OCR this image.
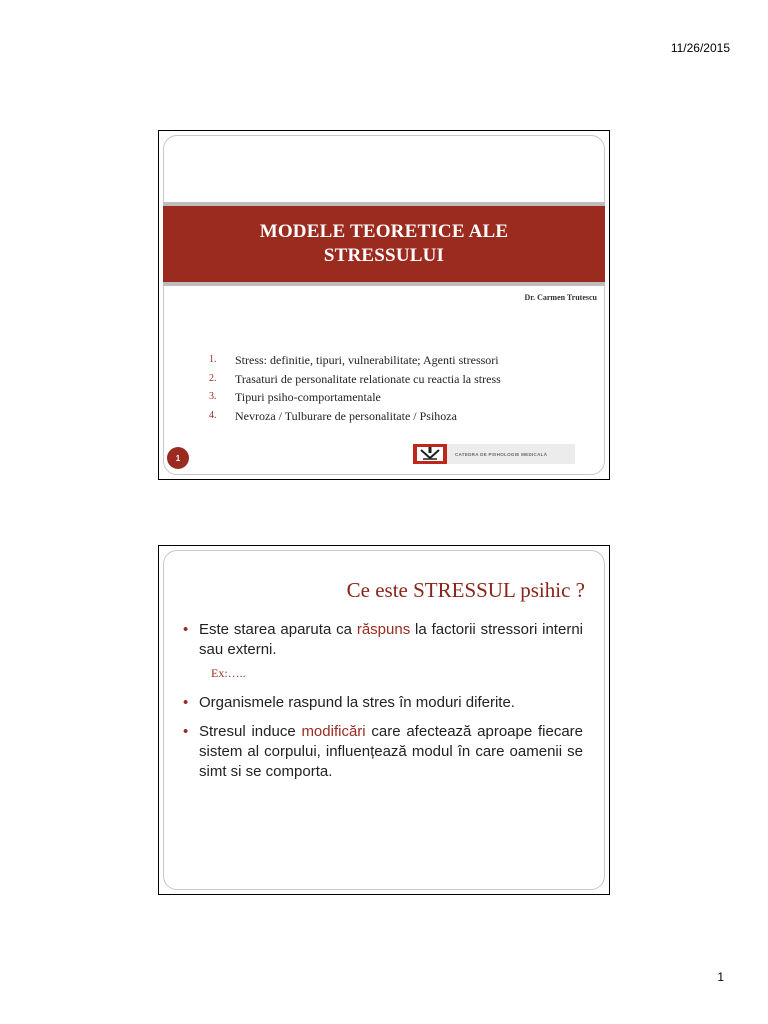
11/26/2015
MODELE TEORETICE ALE
STRESSULUI
Dr. Carmen Trutescu
1.	Stress: definitie, tipuri, vulnerabilitate; Agenti stressori
2.	Trasaturi de personalitate relationate cu reactia la stress
3.	Tipuri psiho-comportamentale
4.	Nevroza / Tulburare de personalitate / Psihoza
1	CATEDRA DE PSIHOLOGIE MEDICALĂ
Ce este STRESSUL psihic ?
• Este starea aparuta ca răspuns la factorii stressori interni sau externi.
Ex:…..
• Organismele raspund la stres în moduri diferite.
• Stresul induce modificări care afectează aproape fiecare sistem al corpului, influențează modul în care oamenii se simt si se comporta.
1
